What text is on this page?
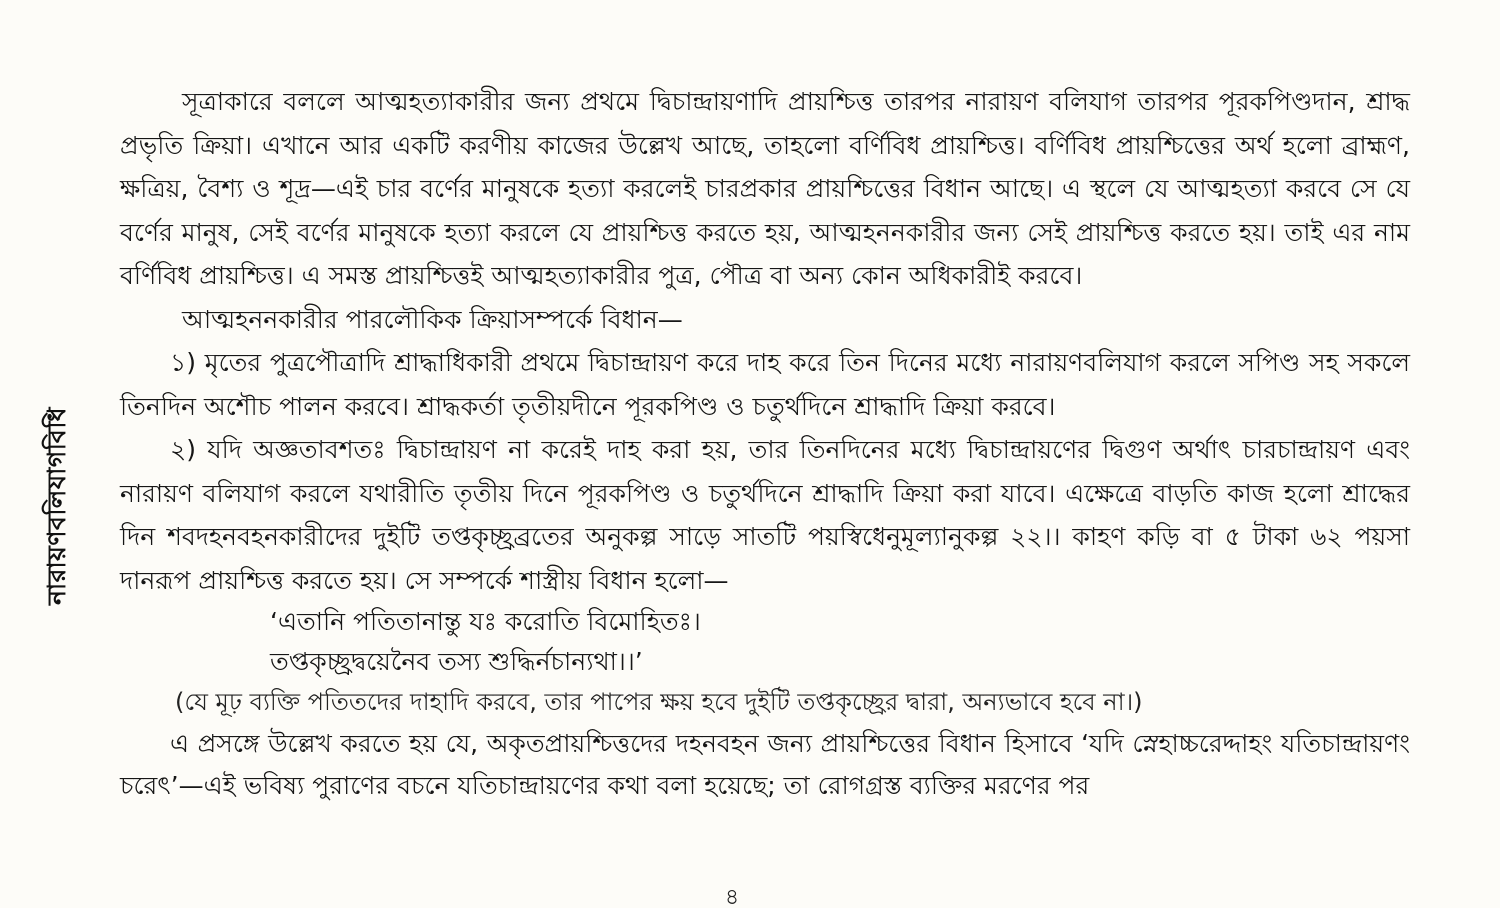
নারায়ণবলিযাগবিধি

সূত্রাকারে বললে আত্মহত্যাকারীর জন্য প্রথমে দ্বিচান্দ্রায়ণাদি প্রায়শ্চিত্ত তারপর নারায়ণ বলিযাগ তারপর পূরকপিণ্ডদান, শ্রাদ্ধ প্রভৃতি ক্রিয়া। এখানে আর একটি করণীয় কাজের উল্লেখ আছে, তাহলো বর্ণিবিধ প্রায়শ্চিত্ত। বর্ণিবিধ প্রায়শ্চিত্তের অর্থ হলো ব্রাহ্মণ, ক্ষত্রিয়, বৈশ্য ও শূদ্র—এই চার বর্ণের মানুষকে হত্যা করলেই চারপ্রকার প্রায়শ্চিত্তের বিধান আছে। এ স্থলে যে আত্মহত্যা করবে সে যে বর্ণের মানুষ, সেই বর্ণের মানুষকে হত্যা করলে যে প্রায়শ্চিত্ত করতে হয়, আত্মহননকারীর জন্য সেই প্রায়শ্চিত্ত করতে হয়। তাই এর নাম বর্ণিবিধ প্রায়শ্চিত্ত। এ সমস্ত প্রায়শ্চিত্তই আত্মহত্যাকারীর পুত্র, পৌত্র বা অন্য কোন অধিকারীই করবে।

আত্মহননকারীর পারলৌকিক ক্রিয়াসম্পর্কে বিধান—

১) মৃতের পুত্রপৌত্রাদি শ্রাদ্ধাধিকারী প্রথমে দ্বিচান্দ্রায়ণ করে দাহ করে তিন দিনের মধ্যে নারায়ণবলিযাগ করলে সপিণ্ড সহ সকলে তিনদিন অশৌচ পালন করবে। শ্রাদ্ধকর্তা তৃতীয়দীনে পূরকপিণ্ড ও চতুর্থদিনে শ্রাদ্ধাদি ক্রিয়া করবে।

২) যদি অজ্ঞতাবশতঃ দ্বিচান্দ্রায়ণ না করেই দাহ করা হয়, তার তিনদিনের মধ্যে দ্বিচান্দ্রায়ণের দ্বিগুণ অর্থাৎ চারচান্দ্রায়ণ এবং নারায়ণ বলিযাগ করলে যথারীতি তৃতীয় দিনে পূরকপিণ্ড ও চতুর্থদিনে শ্রাদ্ধাদি ক্রিয়া করা যাবে। এক্ষেত্রে বাড়তি কাজ হলো শ্রাদ্ধের দিন শবদহনবহনকারীদের দুইটি তপ্তকৃচ্ছ্রব্রতের অনুকল্প সাড়ে সাতটি পয়স্বিধেনুমূল্যানুকল্প ২২।। কাহণ কড়ি বা ৫ টাকা ৬২ পয়সা দানরূপ প্রায়শ্চিত্ত করতে হয়। সে সম্পর্কে শাস্ত্রীয় বিধান হলো—

‘এতানি পতিতানান্তু যঃ করোতি বিমোহিতঃ।

তপ্তকৃচ্ছ্রদ্বয়েনৈব তস্য শুদ্ধির্নচান্যথা।।’

(যে মূঢ় ব্যক্তি পতিতদের দাহাদি করবে, তার পাপের ক্ষয় হবে দুইটি তপ্তকৃচ্ছ্রের দ্বারা, অন্যভাবে হবে না।)

এ প্রসঙ্গে উল্লেখ করতে হয় যে, অকৃতপ্রায়শ্চিত্তদের দহনবহন জন্য প্রায়শ্চিত্তের বিধান হিসাবে ‘যদি স্নেহাচ্চরেদ্দাহং যতিচান্দ্রায়ণং চরেৎ’—এই ভবিষ্য পুরাণের বচনে যতিচান্দ্রায়ণের কথা বলা হয়েছে; তা রোগগ্রস্ত ব্যক্তির মরণের পর

৪
